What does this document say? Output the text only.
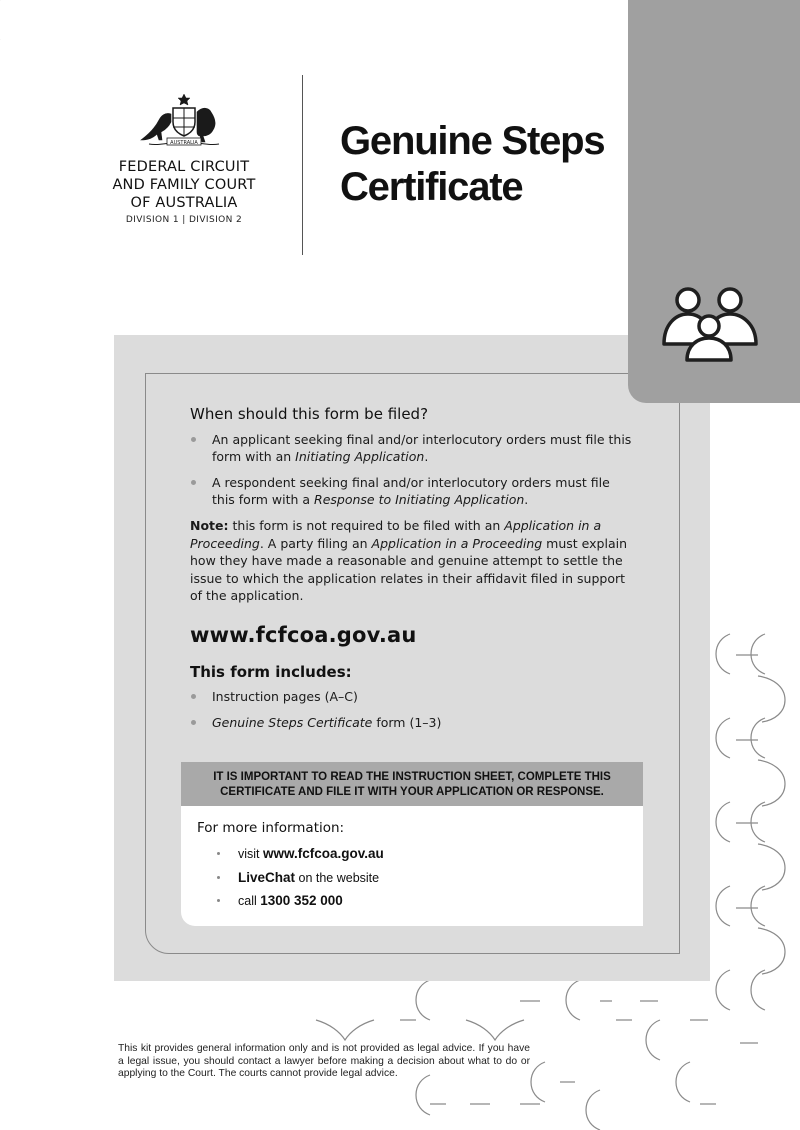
AUSTRALIA
FEDERAL CIRCUIT
AND FAMILY COURT
OF AUSTRALIA
DIVISION 1 | DIVISION 2
Genuine Steps
Certificate
When should this form be filed?
An applicant seeking final and/or interlocutory orders must file this form with an Initiating Application.
A respondent seeking final and/or interlocutory orders must file this form with a Response to Initiating Application.

Note: this form is not required to be filed with an Application in a Proceeding. A party filing an Application in a Proceeding must explain how they have made a reasonable and genuine attempt to settle the issue to which the application relates in their affidavit filed in support of the application.

www.fcfcoa.gov.au
This form includes:
Instruction pages (A–C)
Genuine Steps Certificate form (1–3)
IT IS IMPORTANT TO READ THE INSTRUCTION SHEET, COMPLETE THIS
CERTIFICATE AND FILE IT WITH YOUR APPLICATION OR RESPONSE.
For more information:
visit www.fcfcoa.gov.au
LiveChat on the website
call 1300 352 000

This kit provides general information only and is not provided as legal advice. If you have a legal issue, you should contact a lawyer before making a decision about what to do or applying to the Court. The courts cannot provide legal advice.
